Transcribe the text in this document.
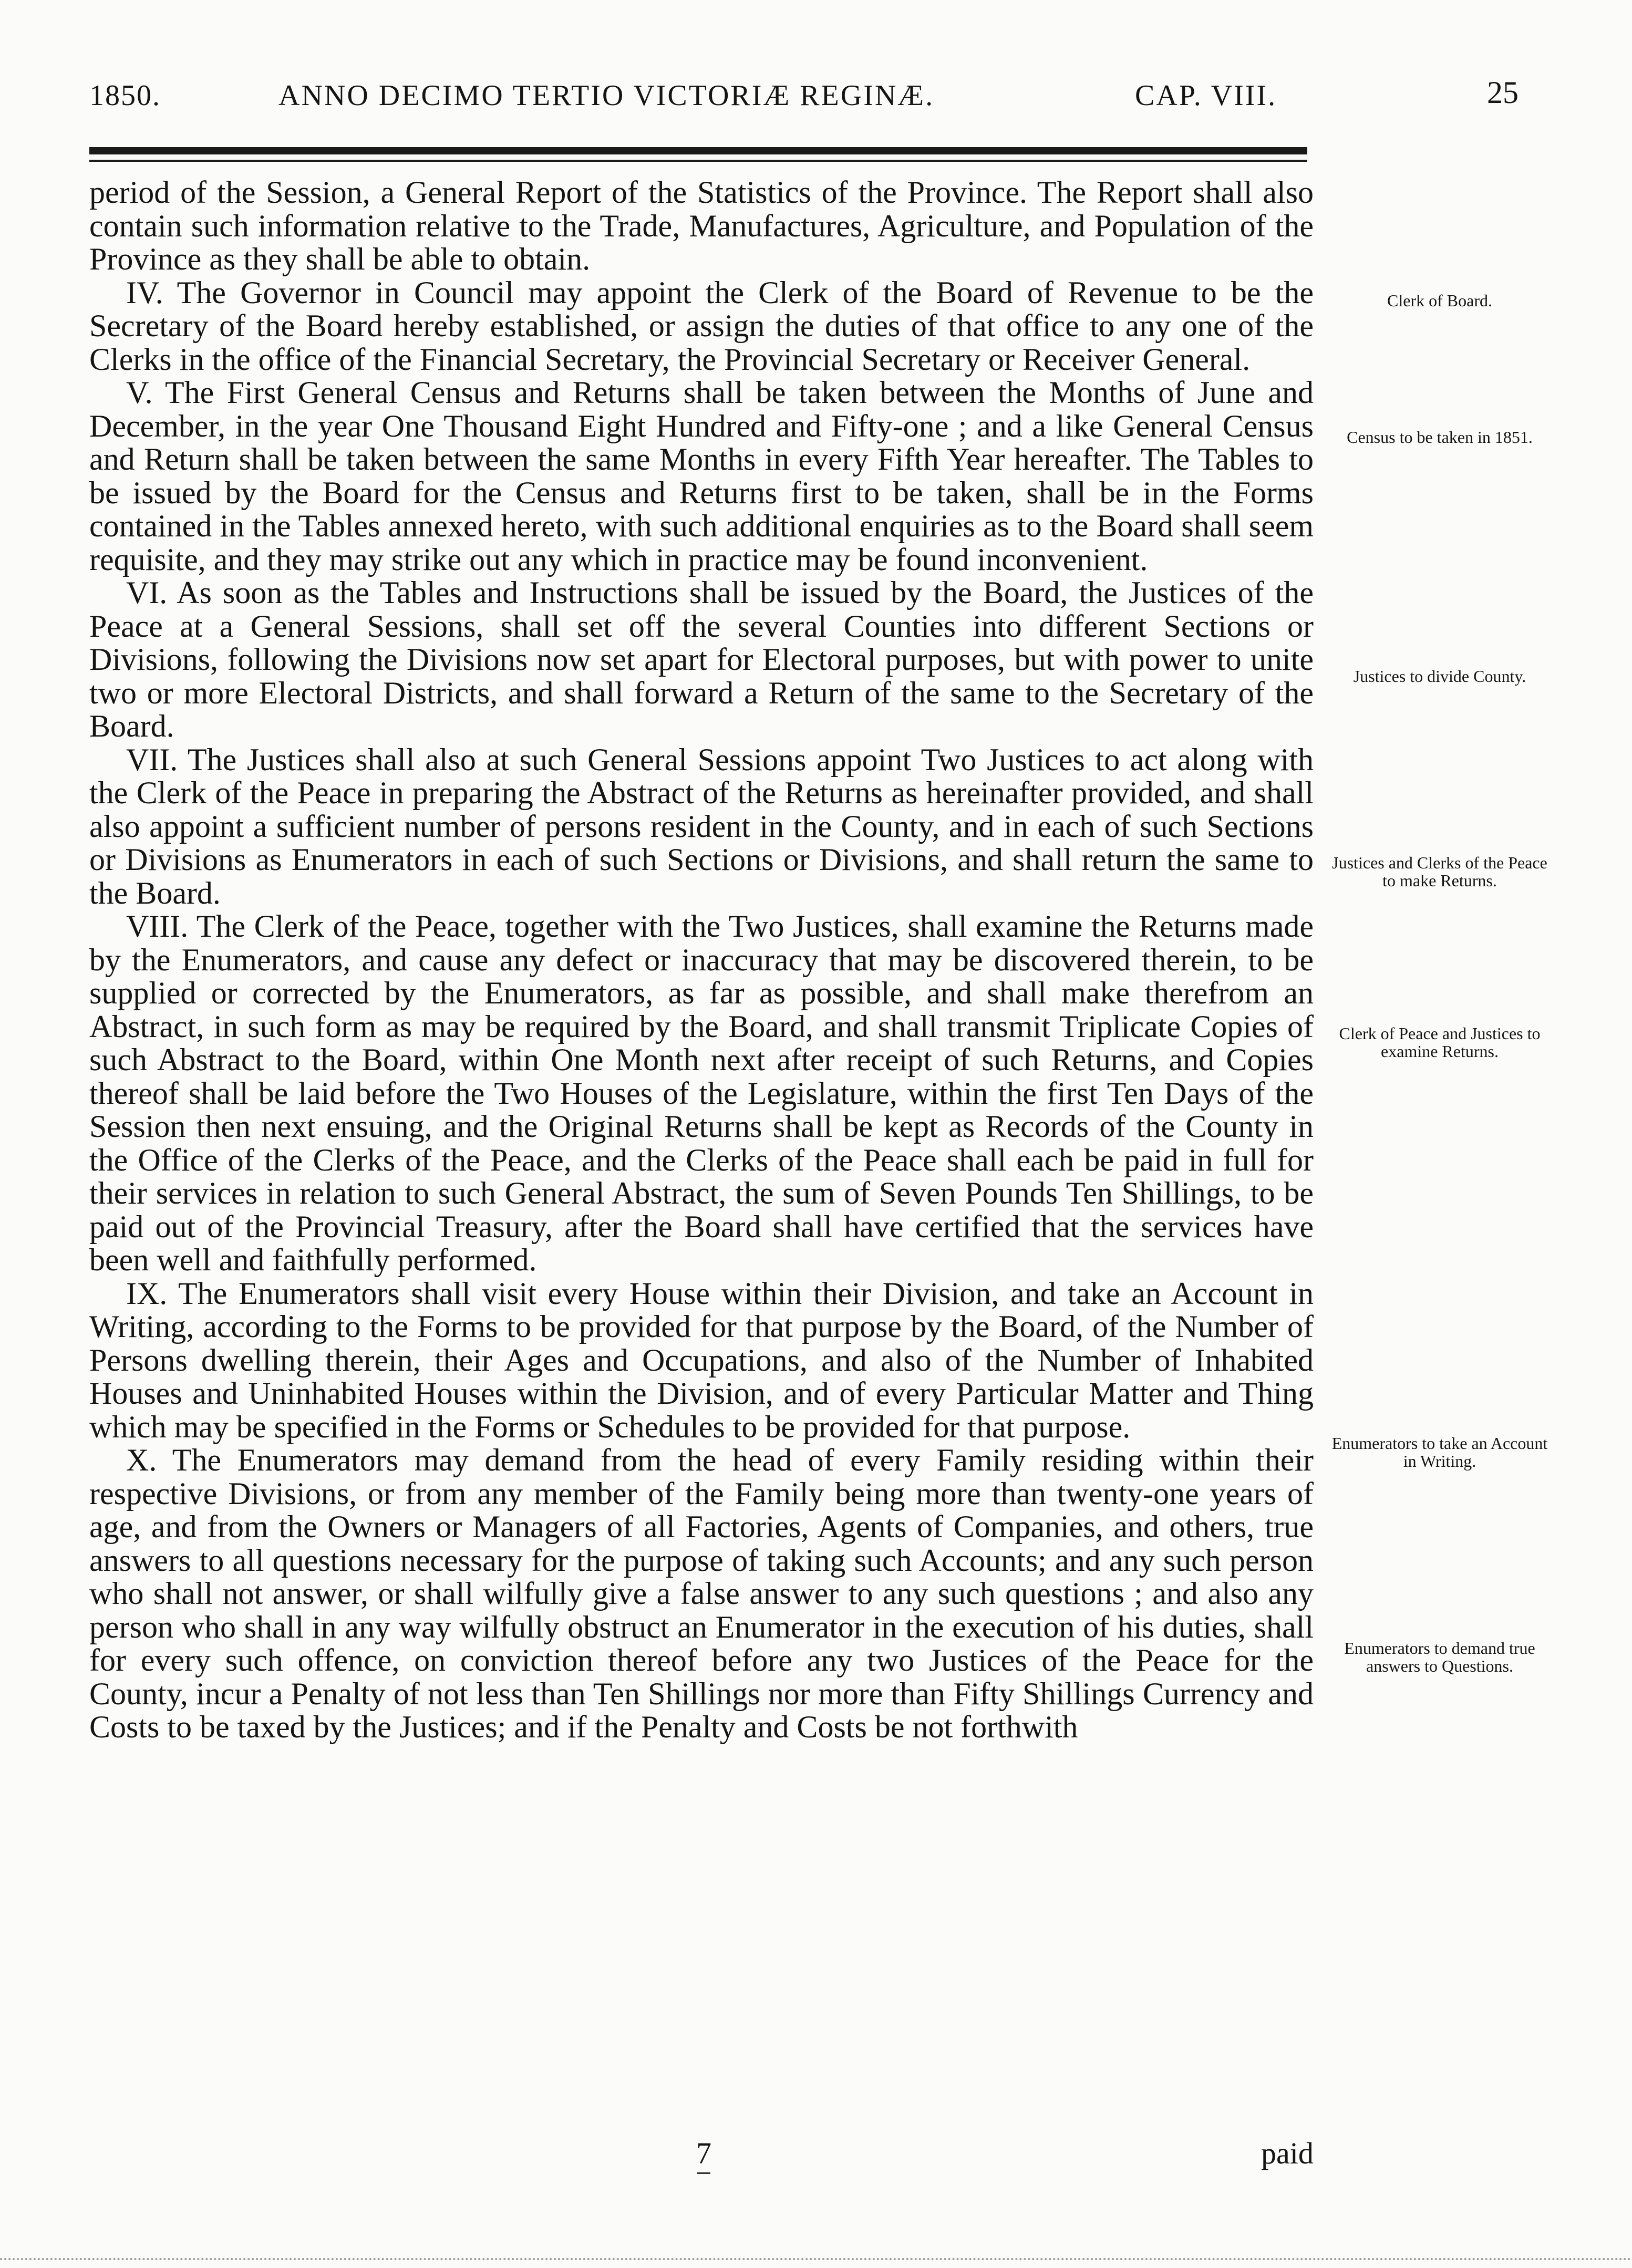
1850.	ANNO DECIMO TERTIO VICTORIÆ REGINÆ.	CAP. VIII.	25

period of the Session, a General Report of the Statistics of the Province. The Report shall also contain such information relative to the Trade, Manufactures, Agriculture, and Population of the Province as they shall be able to obtain.

IV. The Governor in Council may appoint the Clerk of the Board of Revenue to be the Secretary of the Board hereby established, or assign the duties of that office to any one of the Clerks in the office of the Financial Secretary, the Provincial Secretary or Receiver General.

V. The First General Census and Returns shall be taken between the Months of June and December, in the year One Thousand Eight Hundred and Fifty-one ; and a like General Census and Return shall be taken between the same Months in every Fifth Year hereafter. The Tables to be issued by the Board for the Census and Returns first to be taken, shall be in the Forms contained in the Tables annexed hereto, with such additional enquiries as to the Board shall seem requisite, and they may strike out any which in practice may be found inconvenient.

VI. As soon as the Tables and Instructions shall be issued by the Board, the Justices of the Peace at a General Sessions, shall set off the several Counties into different Sections or Divisions, following the Divisions now set apart for Electoral purposes, but with power to unite two or more Electoral Districts, and shall forward a Return of the same to the Secretary of the Board.

VII. The Justices shall also at such General Sessions appoint Two Justices to act along with the Clerk of the Peace in preparing the Abstract of the Returns as hereinafter provided, and shall also appoint a sufficient number of persons resident in the County, and in each of such Sections or Divisions as Enumerators in each of such Sections or Divisions, and shall return the same to the Board.

VIII. The Clerk of the Peace, together with the Two Justices, shall examine the Returns made by the Enumerators, and cause any defect or inaccuracy that may be discovered therein, to be supplied or corrected by the Enumerators, as far as possible, and shall make therefrom an Abstract, in such form as may be required by the Board, and shall transmit Triplicate Copies of such Abstract to the Board, within One Month next after receipt of such Returns, and Copies thereof shall be laid before the Two Houses of the Legislature, within the first Ten Days of the Session then next ensuing, and the Original Returns shall be kept as Records of the County in the Office of the Clerks of the Peace, and the Clerks of the Peace shall each be paid in full for their services in relation to such General Abstract, the sum of Seven Pounds Ten Shillings, to be paid out of the Provincial Treasury, after the Board shall have certified that the services have been well and faithfully performed.

IX. The Enumerators shall visit every House within their Division, and take an Account in Writing, according to the Forms to be provided for that purpose by the Board, of the Number of Persons dwelling therein, their Ages and Occupations, and also of the Number of Inhabited Houses and Uninhabited Houses within the Division, and of every Particular Matter and Thing which may be specified in the Forms or Schedules to be provided for that purpose.

X. The Enumerators may demand from the head of every Family residing within their respective Divisions, or from any member of the Family being more than twenty-one years of age, and from the Owners or Managers of all Factories, Agents of Companies, and others, true answers to all questions necessary for the purpose of taking such Accounts; and any such person who shall not answer, or shall wilfully give a false answer to any such questions ; and also any person who shall in any way wilfully obstruct an Enumerator in the execution of his duties, shall for every such offence, on conviction thereof before any two Justices of the Peace for the County, incur a Penalty of not less than Ten Shillings nor more than Fifty Shillings Currency and Costs to be taxed by the Justices; and if the Penalty and Costs be not forthwith

Clerk of Board.
Census to be taken in 1851.
Justices to divide County.
Justices and Clerks of the Peace to make Returns.
Clerk of Peace and Justices to examine Returns.
Enumerators to take an Account in Writing.
Enumerators to demand true answers to Questions.
7	paid
